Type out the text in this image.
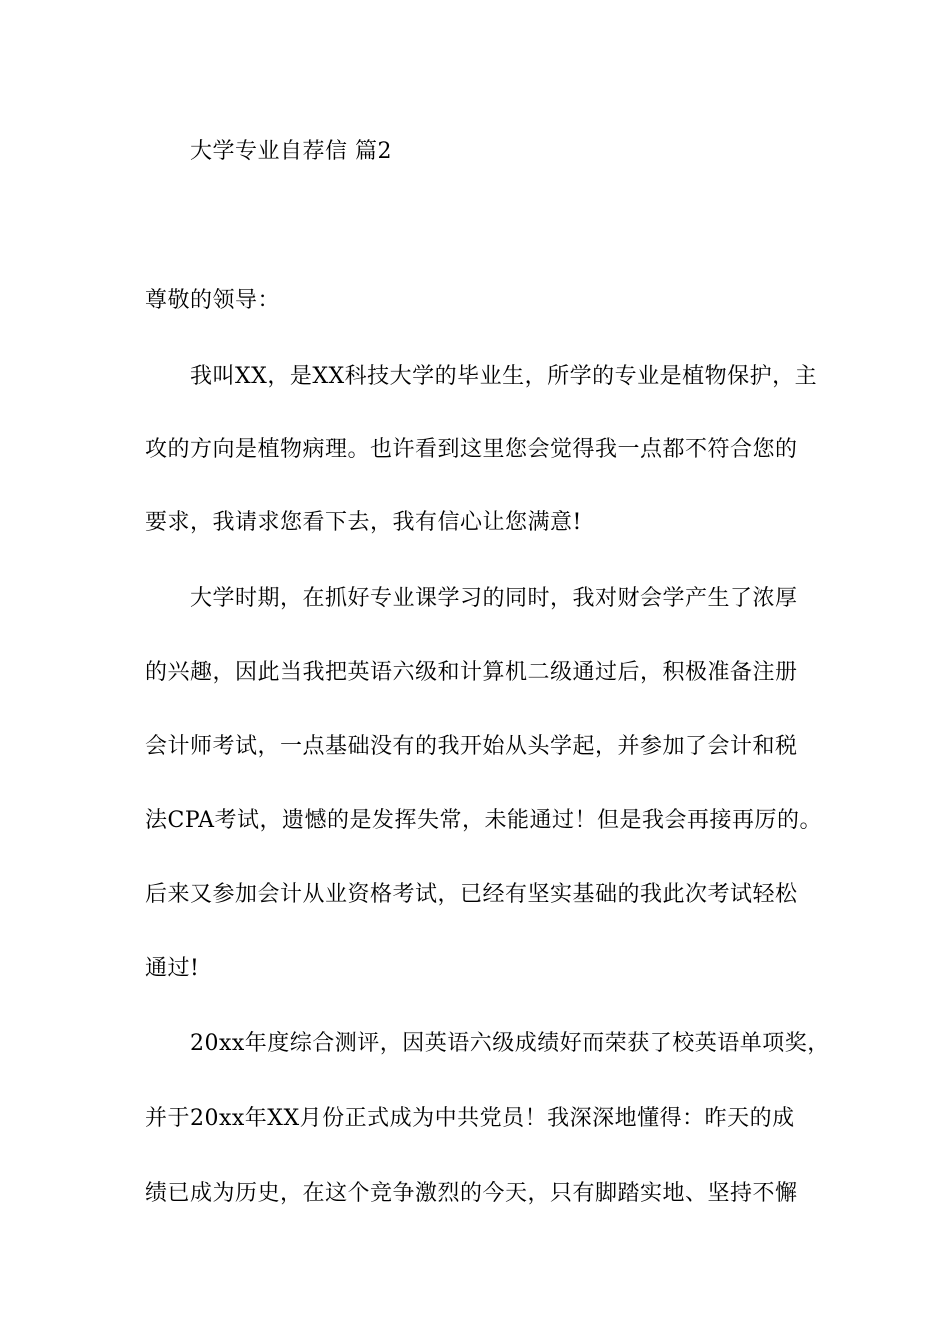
大学专业自荐信 篇2
尊敬的领导：
我叫XX，是XX科技大学的毕业生，所学的专业是植物保护，主
攻的方向是植物病理。也许看到这里您会觉得我一点都不符合您的
要求，我请求您看下去，我有信心让您满意!
大学时期，在抓好专业课学习的同时，我对财会学产生了浓厚
的兴趣，因此当我把英语六级和计算机二级通过后，积极准备注册
会计师考试，一点基础没有的我开始从头学起，并参加了会计和税
法CPA考试，遗憾的是发挥失常，未能通过！但是我会再接再厉的。
后来又参加会计从业资格考试，已经有坚实基础的我此次考试轻松
通过!
20xx年度综合测评，因英语六级成绩好而荣获了校英语单项奖，
并于20xx年XX月份正式成为中共党员！我深深地懂得：昨天的成
绩已成为历史，在这个竞争激烈的今天，只有脚踏实地、坚持不懈
